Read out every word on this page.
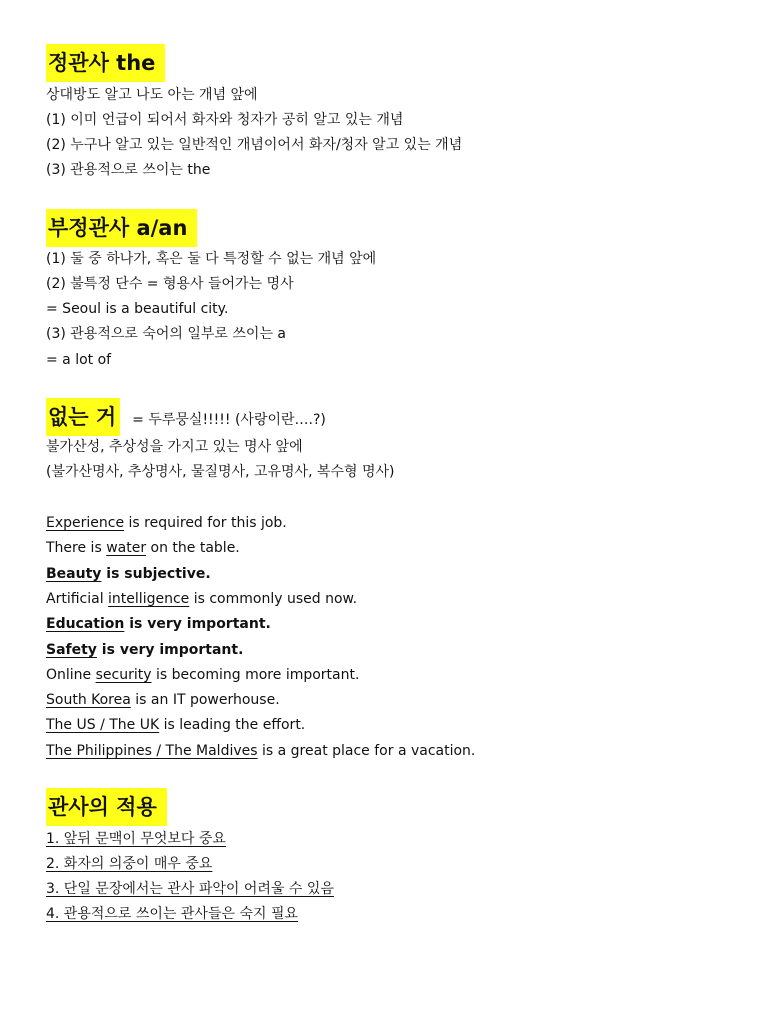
정관사 the
상대방도 알고 나도 아는 개념 앞에
(1) 이미 언급이 되어서 화자와 청자가 공히 알고 있는 개념
(2) 누구나 알고 있는 일반적인 개념이어서 화자/청자 알고 있는 개념
(3) 관용적으로 쓰이는 the
부정관사 a/an
(1) 둘 중 하나가, 혹은 둘 다 특정할 수 없는 개념 앞에
(2) 불특정 단수 = 형용사 들어가는 명사
= Seoul is a beautiful city.
(3) 관용적으로 숙어의 일부로 쓰이는 a
= a lot of
없는 거 = 두루뭉실!!!!! (사랑이란….?)
불가산성, 추상성을 가지고 있는 명사 앞에
(불가산명사, 추상명사, 물질명사, 고유명사, 복수형 명사)
Experience is required for this job.
There is water on the table.
Beauty is subjective.
Artificial intelligence is commonly used now.
Education is very important.
Safety is very important.
Online security is becoming more important.
South Korea is an IT powerhouse.
The US / The UK is leading the effort.
The Philippines / The Maldives is a great place for a vacation.
관사의 적용
1. 앞뒤 문맥이 무엇보다 중요
2. 화자의 의중이 매우 중요
3. 단일 문장에서는 관사 파악이 어려울 수 있음
4. 관용적으로 쓰이는 관사들은 숙지 필요
